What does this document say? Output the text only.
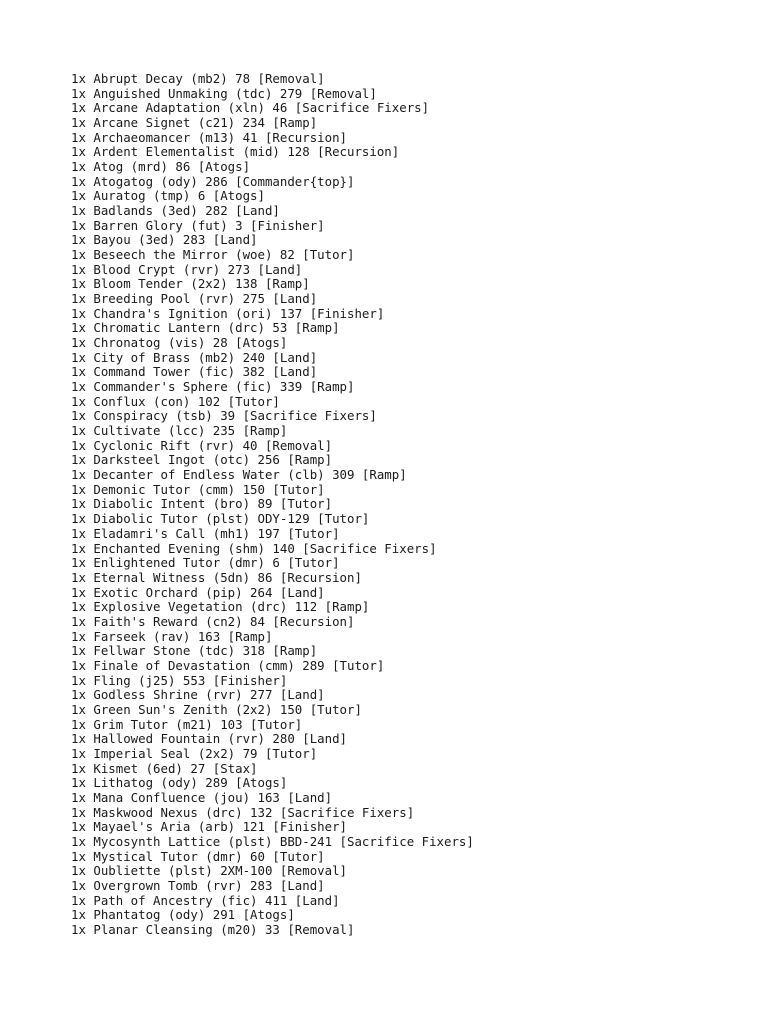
1x Abrupt Decay (mb2) 78 [Removal]
1x Anguished Unmaking (tdc) 279 [Removal]
1x Arcane Adaptation (xln) 46 [Sacrifice Fixers]
1x Arcane Signet (c21) 234 [Ramp]
1x Archaeomancer (m13) 41 [Recursion]
1x Ardent Elementalist (mid) 128 [Recursion]
1x Atog (mrd) 86 [Atogs]
1x Atogatog (ody) 286 [Commander{top}]
1x Auratog (tmp) 6 [Atogs]
1x Badlands (3ed) 282 [Land]
1x Barren Glory (fut) 3 [Finisher]
1x Bayou (3ed) 283 [Land]
1x Beseech the Mirror (woe) 82 [Tutor]
1x Blood Crypt (rvr) 273 [Land]
1x Bloom Tender (2x2) 138 [Ramp]
1x Breeding Pool (rvr) 275 [Land]
1x Chandra's Ignition (ori) 137 [Finisher]
1x Chromatic Lantern (drc) 53 [Ramp]
1x Chronatog (vis) 28 [Atogs]
1x City of Brass (mb2) 240 [Land]
1x Command Tower (fic) 382 [Land]
1x Commander's Sphere (fic) 339 [Ramp]
1x Conflux (con) 102 [Tutor]
1x Conspiracy (tsb) 39 [Sacrifice Fixers]
1x Cultivate (lcc) 235 [Ramp]
1x Cyclonic Rift (rvr) 40 [Removal]
1x Darksteel Ingot (otc) 256 [Ramp]
1x Decanter of Endless Water (clb) 309 [Ramp]
1x Demonic Tutor (cmm) 150 [Tutor]
1x Diabolic Intent (bro) 89 [Tutor]
1x Diabolic Tutor (plst) ODY-129 [Tutor]
1x Eladamri's Call (mh1) 197 [Tutor]
1x Enchanted Evening (shm) 140 [Sacrifice Fixers]
1x Enlightened Tutor (dmr) 6 [Tutor]
1x Eternal Witness (5dn) 86 [Recursion]
1x Exotic Orchard (pip) 264 [Land]
1x Explosive Vegetation (drc) 112 [Ramp]
1x Faith's Reward (cn2) 84 [Recursion]
1x Farseek (rav) 163 [Ramp]
1x Fellwar Stone (tdc) 318 [Ramp]
1x Finale of Devastation (cmm) 289 [Tutor]
1x Fling (j25) 553 [Finisher]
1x Godless Shrine (rvr) 277 [Land]
1x Green Sun's Zenith (2x2) 150 [Tutor]
1x Grim Tutor (m21) 103 [Tutor]
1x Hallowed Fountain (rvr) 280 [Land]
1x Imperial Seal (2x2) 79 [Tutor]
1x Kismet (6ed) 27 [Stax]
1x Lithatog (ody) 289 [Atogs]
1x Mana Confluence (jou) 163 [Land]
1x Maskwood Nexus (drc) 132 [Sacrifice Fixers]
1x Mayael's Aria (arb) 121 [Finisher]
1x Mycosynth Lattice (plst) BBD-241 [Sacrifice Fixers]
1x Mystical Tutor (dmr) 60 [Tutor]
1x Oubliette (plst) 2XM-100 [Removal]
1x Overgrown Tomb (rvr) 283 [Land]
1x Path of Ancestry (fic) 411 [Land]
1x Phantatog (ody) 291 [Atogs]
1x Planar Cleansing (m20) 33 [Removal]
